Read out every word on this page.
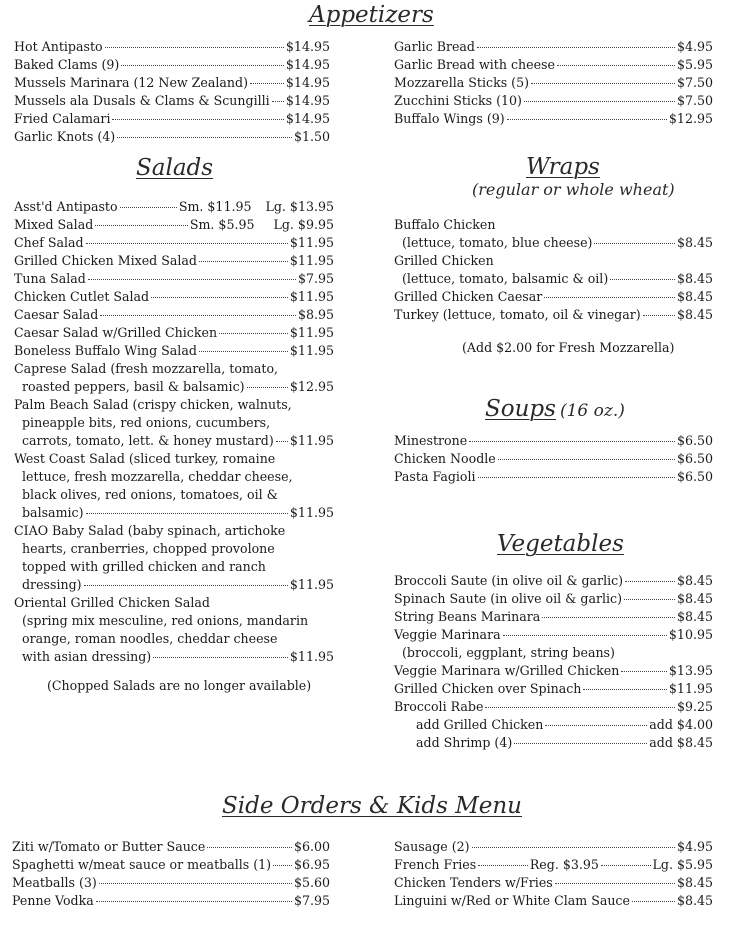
Appetizers
Hot Antipasto	$14.95
Baked Clams (9)	$14.95
Mussels Marinara (12 New Zealand)	$14.95
Mussels ala Dusals & Clams & Scungilli $14.95
Fried Calamari	$14.95
Garlic Knots (4)	$1.50
Garlic Bread	$4.95
Garlic Bread with cheese	$5.95
Mozzarella Sticks (5)	$7.50
Zucchini Sticks (10)	$7.50
Buffalo Wings (9)	$12.95
Salads
Asst'd Antipasto	Sm. $11.95 Lg. $13.95
Mixed Salad	Sm. $5.95 Lg. $9.95
Chef Salad	$11.95
Grilled Chicken Mixed Salad	$11.95
Tuna Salad	$7.95
Chicken Cutlet Salad	$11.95
Caesar Salad	$8.95
Caesar Salad w/Grilled Chicken	$11.95
Boneless Buffalo Wing Salad	$11.95
Caprese Salad (fresh mozzarella, tomato,
roasted peppers, basil & balsamic)	$12.95
Palm Beach Salad (crispy chicken, walnuts,
pineapple bits, red onions, cucumbers,
carrots, tomato, lett. & honey mustard) $11.95
West Coast Salad (sliced turkey, romaine
lettuce, fresh mozzarella, cheddar cheese,
black olives, red onions, tomatoes, oil &
balsamic)	$11.95
CIAO Baby Salad (baby spinach, artichoke
hearts, cranberries, chopped provolone
topped with grilled chicken and ranch
dressing)	$11.95
Oriental Grilled Chicken Salad
(spring mix mesculine, red onions, mandarin
orange, roman noodles, cheddar cheese
with asian dressing)	$11.95
(Chopped Salads are no longer available)
Wraps
(regular or whole wheat)
Buffalo Chicken
(lettuce, tomato, blue cheese)	$8.45
Grilled Chicken
(lettuce, tomato, balsamic & oil)	$8.45
Grilled Chicken Caesar	$8.45
Turkey (lettuce, tomato, oil & vinegar)	$8.45
(Add $2.00 for Fresh Mozzarella)
Soups (16 oz.)
Minestrone	$6.50
Chicken Noodle	$6.50
Pasta Fagioli	$6.50
Vegetables
Broccoli Saute (in olive oil & garlic)	$8.45
Spinach Saute (in olive oil & garlic)	$8.45
String Beans Marinara	$8.45
Veggie Marinara	$10.95
(broccoli, eggplant, string beans)
Veggie Marinara w/Grilled Chicken	$13.95
Grilled Chicken over Spinach	$11.95
Broccoli Rabe	$9.25
add Grilled Chicken	add $4.00
add Shrimp (4)	add $8.45
Side Orders & Kids Menu
Ziti w/Tomato or Butter Sauce	$6.00
Spaghetti w/meat sauce or meatballs (1) $6.95
Meatballs (3)	$5.60
Penne Vodka	$7.95
Sausage (2)	$4.95
French Fries	Reg. $3.95	Lg. $5.95
Chicken Tenders w/Fries	$8.45
Linguini w/Red or White Clam Sauce	$8.45
